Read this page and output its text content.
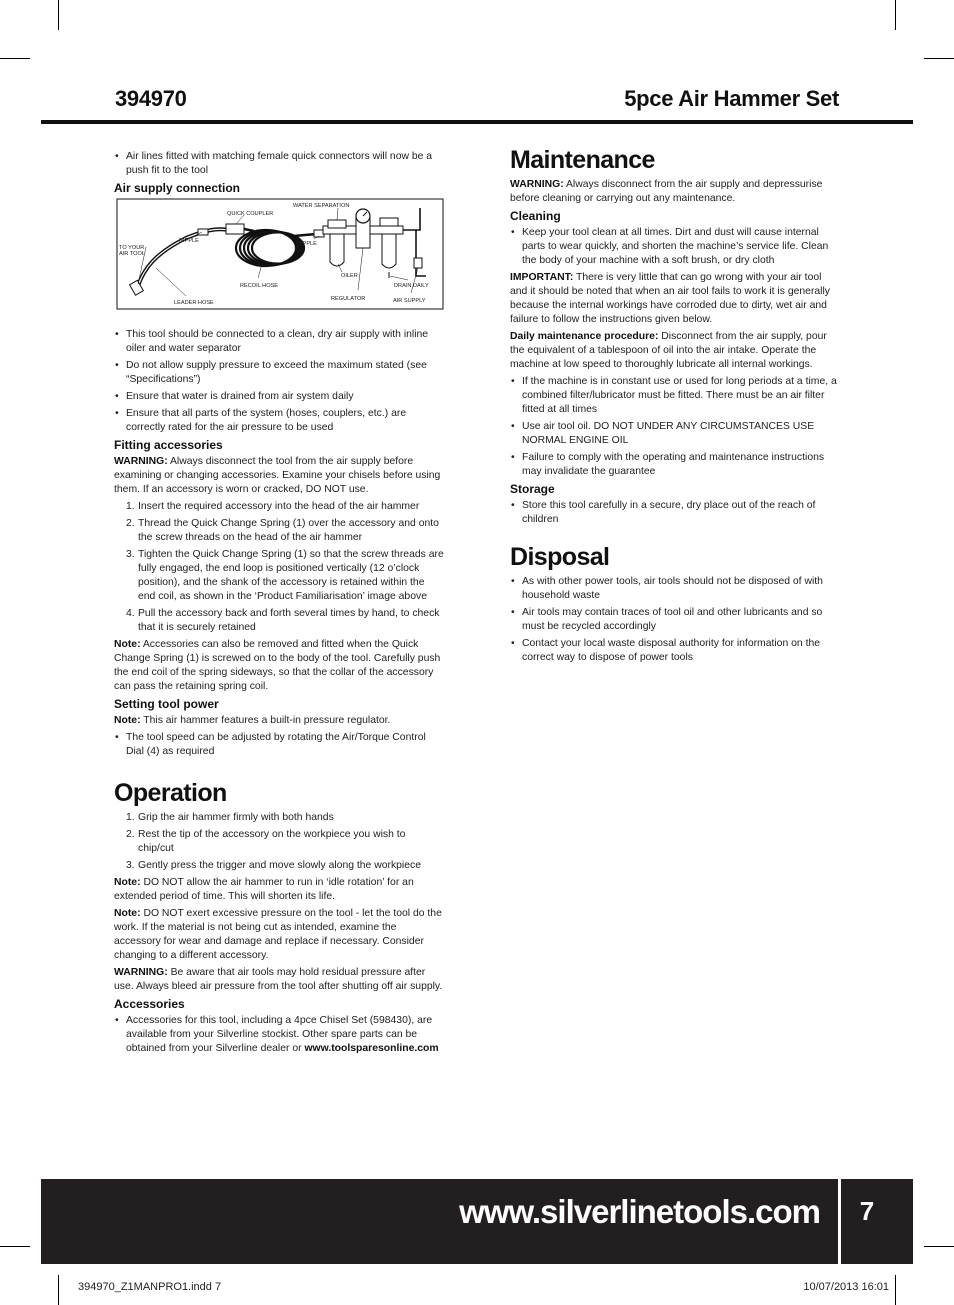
394970	5pce Air Hammer Set
• Air lines fitted with matching female quick connectors will now be a push fit to the tool
Air supply connection
TO YOUR
AIR TOOL
NIPPLE
QUICK COUPLER
NIPPLE
WATER SEPARATION
OILER
RECOIL HOSE
LEADER HOSE
REGULATOR
DRAIN DAILY
AIR SUPPLY
• This tool should be connected to a clean, dry air supply with inline oiler and water separator
• Do not allow supply pressure to exceed the maximum stated (see “Specifications”)
• Ensure that water is drained from air system daily
• Ensure that all parts of the system (hoses, couplers, etc.) are correctly rated for the air pressure to be used
Fitting accessories

WARNING: Always disconnect the tool from the air supply before examining or changing accessories. Examine your chisels before using them. If an accessory is worn or cracked, DO NOT use.

1. Insert the required accessory into the head of the air hammer
2. Thread the Quick Change Spring (1) over the accessory and onto the screw threads on the head of the air hammer
3. Tighten the Quick Change Spring (1) so that the screw threads are fully engaged, the end loop is positioned vertically (12 o’clock position), and the shank of the accessory is retained within the end coil, as shown in the ‘Product Familiarisation’ image above
4. Pull the accessory back and forth several times by hand, to check that it is securely retained

Note: Accessories can also be removed and fitted when the Quick Change Spring (1) is screwed on to the body of the tool. Carefully push the end coil of the spring sideways, so that the collar of the accessory can pass the retaining spring coil.

Setting tool power

Note: This air hammer features a built-in pressure regulator.

• The tool speed can be adjusted by rotating the Air/Torque Control Dial (4) as required
Operation
1. Grip the air hammer firmly with both hands
2. Rest the tip of the accessory on the workpiece you wish to chip/cut
3. Gently press the trigger and move slowly along the workpiece

Note: DO NOT allow the air hammer to run in ‘idle rotation’ for an extended period of time. This will shorten its life.

Note: DO NOT exert excessive pressure on the tool - let the tool do the work. If the material is not being cut as intended, examine the accessory for wear and damage and replace if necessary. Consider changing to a different accessory.

WARNING: Be aware that air tools may hold residual pressure after use. Always bleed air pressure from the tool after shutting off air supply.

Accessories
• Accessories for this tool, including a 4pce Chisel Set (598430), are available from your Silverline stockist. Other spare parts can be obtained from your Silverline dealer or www.toolsparesonline.com
Maintenance

WARNING: Always disconnect from the air supply and depressurise before cleaning or carrying out any maintenance.

Cleaning
• Keep your tool clean at all times. Dirt and dust will cause internal parts to wear quickly, and shorten the machine’s service life. Clean the body of your machine with a soft brush, or dry cloth

IMPORTANT: There is very little that can go wrong with your air tool and it should be noted that when an air tool fails to work it is generally because the internal workings have corroded due to dirty, wet air and failure to follow the instructions given below.

Daily maintenance procedure: Disconnect from the air supply, pour the equivalent of a tablespoon of oil into the air intake. Operate the machine at low speed to thoroughly lubricate all internal workings.

• If the machine is in constant use or used for long periods at a time, a combined filter/lubricator must be fitted. There must be an air filter fitted at all times
• Use air tool oil. DO NOT UNDER ANY CIRCUMSTANCES USE NORMAL ENGINE OIL
• Failure to comply with the operating and maintenance instructions may invalidate the guarantee
Storage
• Store this tool carefully in a secure, dry place out of the reach of children
Disposal
• As with other power tools, air tools should not be disposed of with household waste
• Air tools may contain traces of tool oil and other lubricants and so must be recycled accordingly
• Contact your local waste disposal authority for information on the correct way to dispose of power tools
www.silverlinetools.com	7
394970_Z1MANPRO1.indd 7	10/07/2013 16:01
